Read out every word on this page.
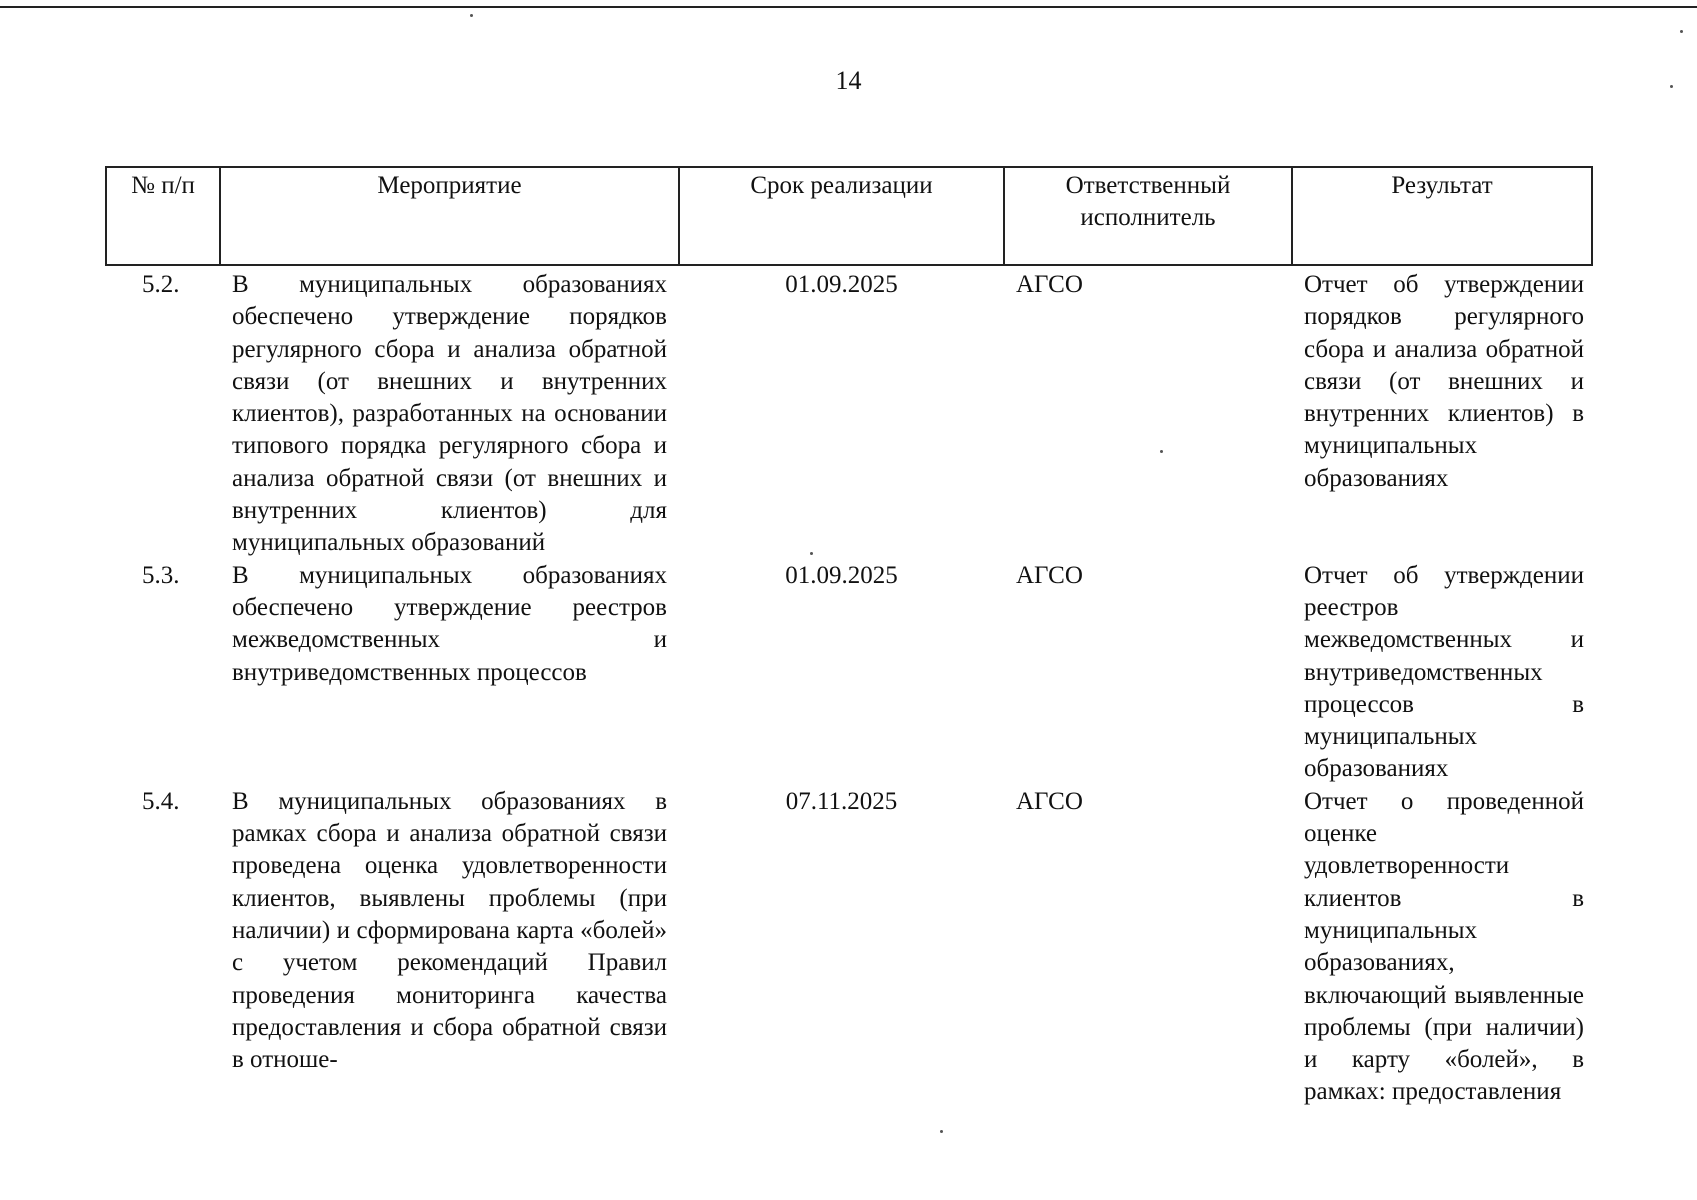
14
№ п/п	Мероприятие	Срок реализации	Ответственный исполнитель	Результат
5.2.	В муниципальных образованиях обеспечено утверждение порядков регулярного сбора и анализа обратной связи (от внешних и внутренних клиентов), разработанных на основании типового порядка регулярного сбора и анализа обратной связи (от внешних и внутренних клиентов) для муниципальных образований	01.09.2025	АГСО	Отчет об утверждении порядков регулярного сбора и анализа обратной связи (от внешних и внутренних клиентов) в муниципальных образованиях
5.3.	В муниципальных образованиях обеспечено утверждение реестров межведомственных и внутриведомственных процессов	01.09.2025	АГСО	Отчет об утверждении реестров межведомственных и внутриведомственных процессов в муниципальных образованиях
5.4.	В муниципальных образованиях в рамках сбора и анализа обратной связи проведена оценка удовлетворенности клиентов, выявлены проблемы (при наличии) и сформирована карта «болей» с учетом рекомендаций Правил проведения мониторинга качества предоставления и сбора обратной связи в отноше-	07.11.2025	АГСО	Отчет о проведенной оценке удовлетворенности клиентов в муниципальных образованиях, включающий выявленные проблемы (при наличии) и карту «болей», в рамках: предоставления
